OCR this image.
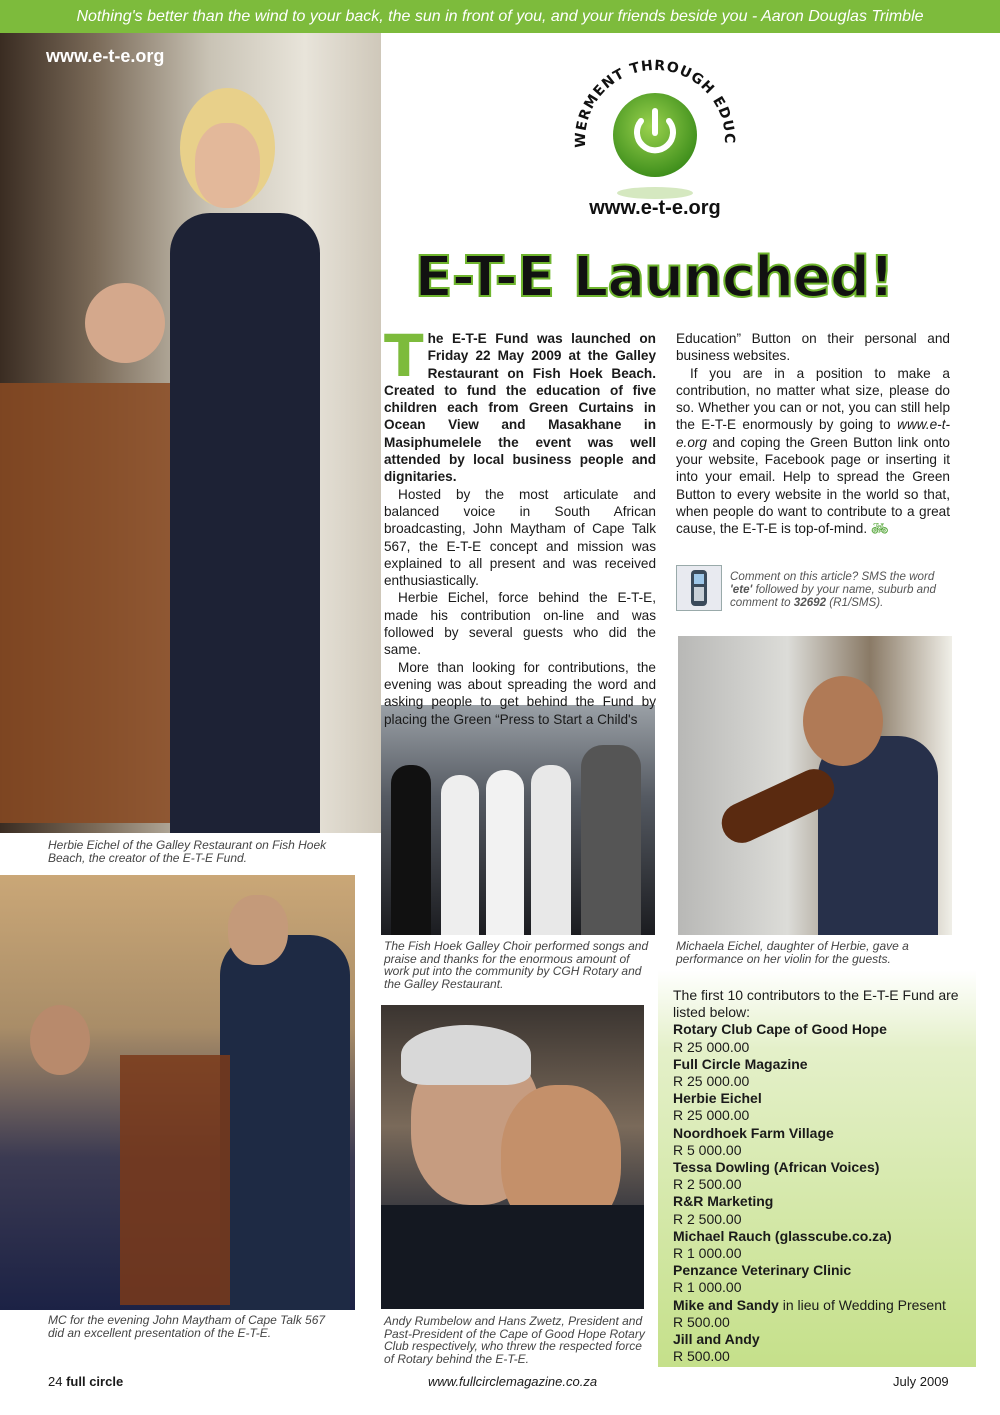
Nothing's better than the wind to your back, the sun in front of you, and your friends beside you - Aaron Douglas Trimble
www.e-t-e.org
WERMENT THROUGH EDUC
www.e-t-e.org
E-T-E Launched!

The E-T-E Fund was launched on Friday 22 May 2009 at the Galley Restaurant on Fish Hoek Beach. Created to fund the education of five children each from Green Curtains in Ocean View and Masakhane in Masiphumelele the event was well attended by local business people and dignitaries.

Hosted by the most articulate and balanced voice in South African broadcasting, John Maytham of Cape Talk 567, the E-T-E concept and mission was explained to all present and was received enthusiastically.

Herbie Eichel, force behind the E-T-E, made his contribution on-line and was followed by several guests who did the same.

More than looking for contributions, the evening was about spreading the word and asking people to get behind the Fund by placing the Green “Press to Start a Child's

Education” Button on their personal and business websites.

If you are in a position to make a contribution, no matter what size, please do so. Whether you can or not, you can still help the E-T-E enormously by going to www.e-t-e.org and coping the Green Button link onto your website, Facebook page or inserting it into your email. Help to spread the Green Button to every website in the world so that, when people do want to contribute to a great cause, the E-T-E is top-of-mind. 🚲︎

Comment on this article? SMS the word 'ete' followed by your name, suburb and comment to 32692 (R1/SMS).
Herbie Eichel of the Galley Restaurant on Fish Hoek Beach, the creator of the E-T-E Fund.
MC for the evening John Maytham of Cape Talk 567 did an excellent presentation of the E-T-E.
The Fish Hoek Galley Choir performed songs and praise and thanks for the enormous amount of work put into the community by CGH Rotary and the Galley Restaurant.
Michaela Eichel, daughter of Herbie, gave a performance on her violin for the guests.
Andy Rumbelow and Hans Zwetz, President and Past-President of the Cape of Good Hope Rotary Club respectively, who threw the respected force of Rotary behind the E-T-E.

The first 10 contributors to the E-T-E Fund are listed below:

Rotary Club Cape of Good Hope
R 25 000.00
Full Circle Magazine
R 25 000.00
Herbie Eichel
R 25 000.00
Noordhoek Farm Village
R 5 000.00
Tessa Dowling (African Voices)
R 2 500.00
R&R Marketing
R 2 500.00
Michael Rauch (glasscube.co.za)
R 1 000.00
Penzance Veterinary Clinic
R 1 000.00
Mike and Sandy in lieu of Wedding Present
R 500.00
Jill and Andy
R 500.00
24 full circle	www.fullcirclemagazine.co.za	July 2009
